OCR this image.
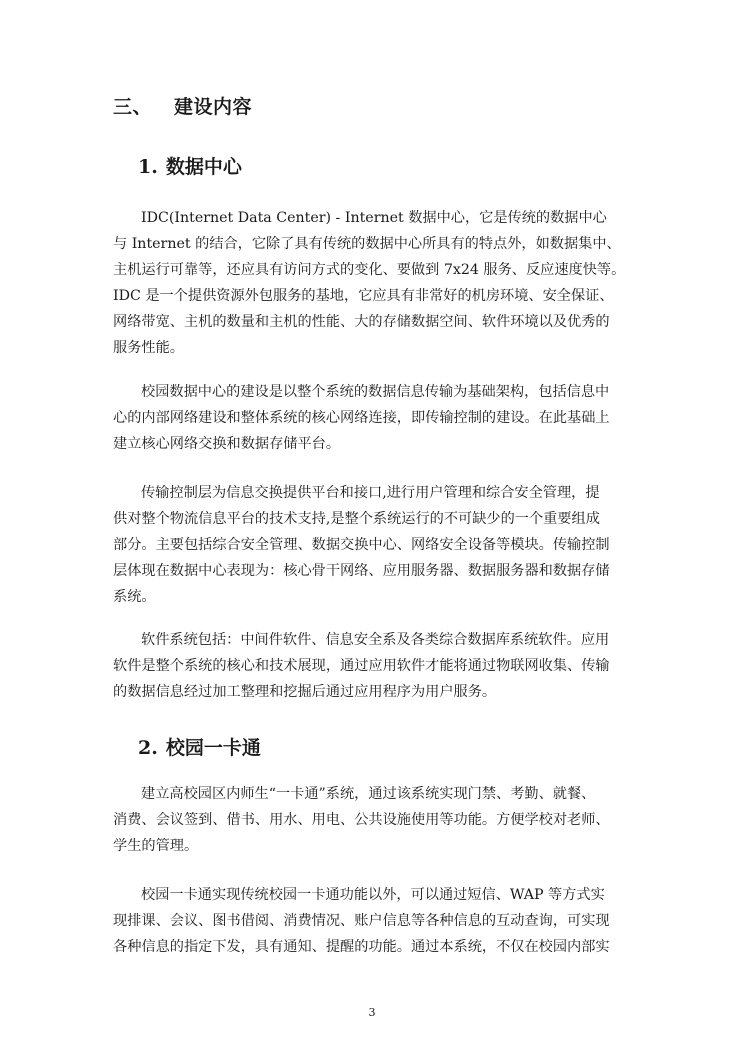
三、 建设内容
1. 数据中心
IDC(Internet Data Center) - Internet 数据中心，它是传统的数据中心
与 Internet 的结合，它除了具有传统的数据中心所具有的特点外，如数据集中、
主机运行可靠等，还应具有访问方式的变化、要做到 7x24 服务、反应速度快等。
IDC 是一个提供资源外包服务的基地，它应具有非常好的机房环境、安全保证、
网络带宽、主机的数量和主机的性能、大的存储数据空间、软件环境以及优秀的
服务性能。
校园数据中心的建设是以整个系统的数据信息传输为基础架构，包括信息中
心的内部网络建设和整体系统的核心网络连接，即传输控制的建设。在此基础上
建立核心网络交换和数据存储平台。
传输控制层为信息交换提供平台和接口,进行用户管理和综合安全管理，提
供对整个物流信息平台的技术支持,是整个系统运行的不可缺少的一个重要组成
部分。主要包括综合安全管理、数据交换中心、网络安全设备等模块。传输控制
层体现在数据中心表现为：核心骨干网络、应用服务器、数据服务器和数据存储
系统。
软件系统包括：中间件软件、信息安全系及各类综合数据库系统软件。应用
软件是整个系统的核心和技术展现，通过应用软件才能将通过物联网收集、传输
的数据信息经过加工整理和挖掘后通过应用程序为用户服务。
2. 校园一卡通
建立高校园区内师生“一卡通”系统，通过该系统实现门禁、考勤、就餐、
消费、会议签到、借书、用水、用电、公共设施使用等功能。方便学校对老师、
学生的管理。
校园一卡通实现传统校园一卡通功能以外，可以通过短信、WAP 等方式实
现排课、会议、图书借阅、消费情况、账户信息等各种信息的互动查询，可实现
各种信息的指定下发，具有通知、提醒的功能。通过本系统，不仅在校园内部实
3
